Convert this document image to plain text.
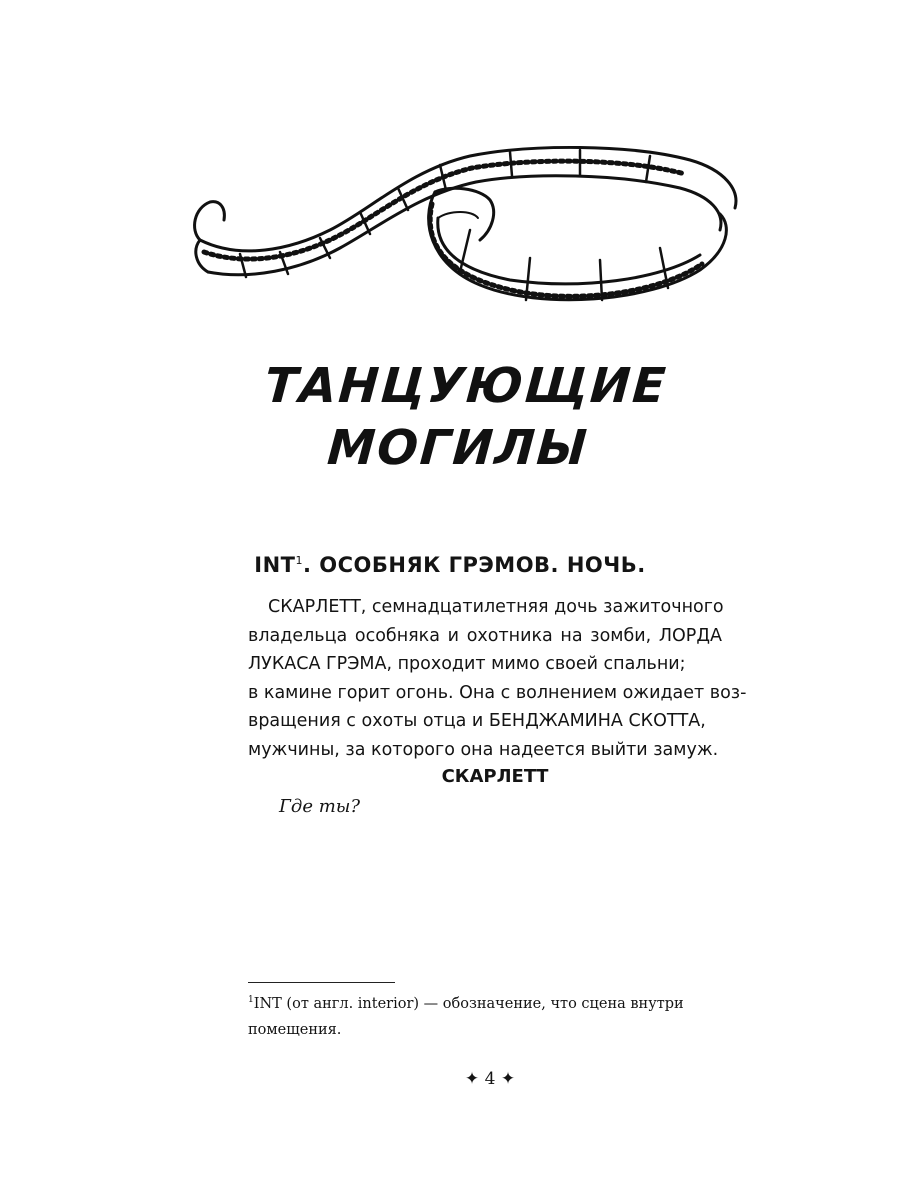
ТАНЦУЮЩИЕ
МОГИЛЫ
INT$^1$. ОСОБНЯК ГРЭМОВ. НОЧЬ.
СКАРЛЕТТ, семнадцатилетняя дочь зажиточного
владельца особняка и охотника на зомби, ЛОРДА
ЛУКАСА ГРЭМА, проходит мимо своей спальни;
в камине горит огонь. Она с волнением ожидает воз-
вращения с охоты отца и БЕНДЖАМИНА СКОТТА,
мужчины, за которого она надеется выйти замуж.
СКАРЛЕТТ
Где ты?
$^1$INT (от англ. interior) — обозначение, что сцена внутри
помещения.
✦ 4 ✦
